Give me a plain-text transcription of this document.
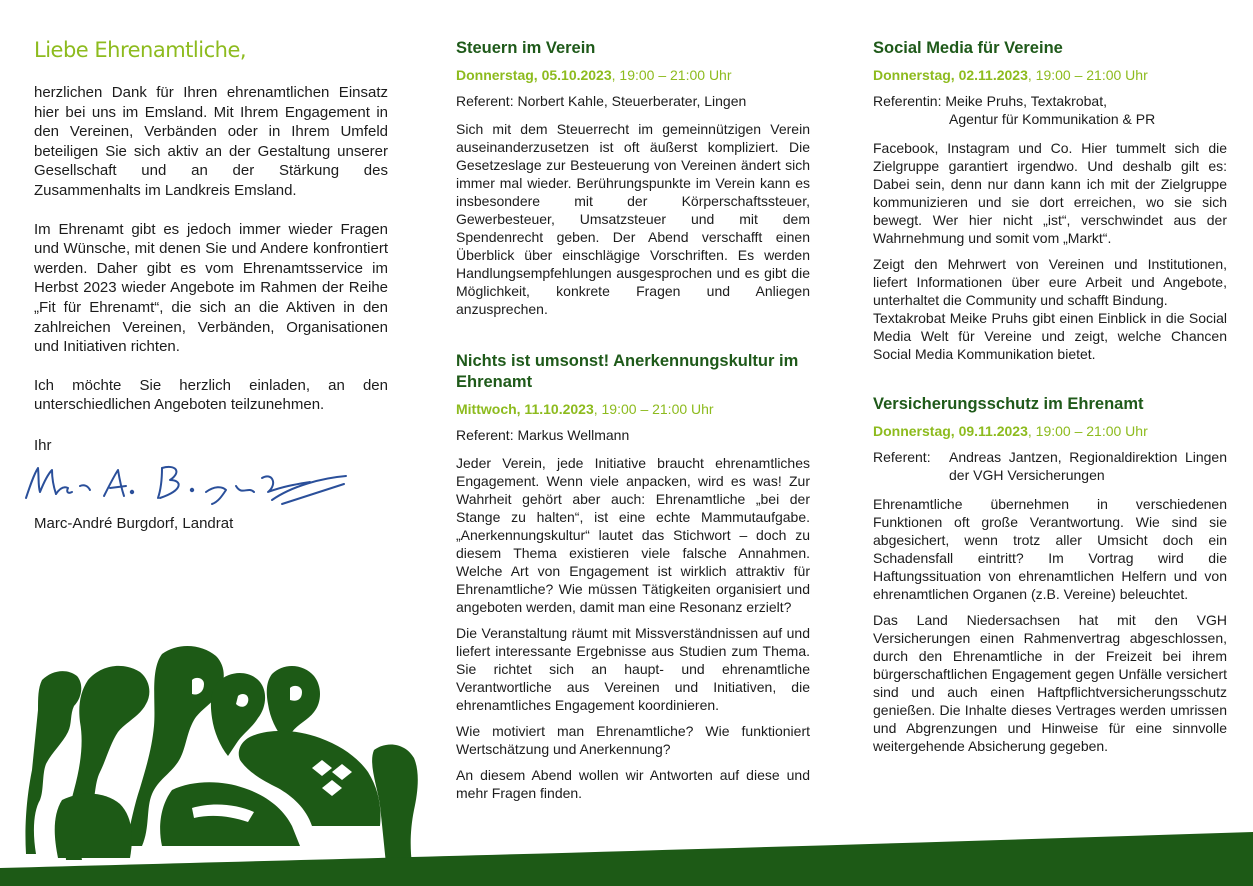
Liebe Ehrenamtliche,

herzlichen Dank für Ihren ehrenamtlichen Einsatz hier bei uns im Emsland. Mit Ihrem Engagement in den Vereinen, Verbänden oder in Ihrem Umfeld beteiligen Sie sich aktiv an der Gestaltung unserer Gesellschaft und an der Stärkung des Zusammenhalts im Landkreis Emsland.

Im Ehrenamt gibt es jedoch immer wieder Fragen und Wünsche, mit denen Sie und Andere konfrontiert werden. Daher gibt es vom Ehrenamtsservice im Herbst 2023 wieder Angebote im Rahmen der Reihe „Fit für Ehrenamt“, die sich an die Aktiven in den zahlreichen Vereinen, Verbänden, Organisationen und Initiativen richten.

Ich möchte Sie herzlich einladen, an den unterschiedlichen Angeboten teilzunehmen.

Ihr

Marc-André Burgdorf, Landrat

Steuern im Verein
Donnerstag, 05.10.2023, 19:00 – 21:00 Uhr
Referent: Norbert Kahle, Steuerberater, Lingen

Sich mit dem Steuerrecht im gemeinnützigen Verein auseinanderzusetzen ist oft äußerst kompliziert. Die Gesetzeslage zur Besteuerung von Vereinen ändert sich immer mal wieder. Berührungspunkte im Verein kann es insbesondere mit der Körperschaftssteuer, Gewerbesteuer, Umsatzsteuer und mit dem Spendenrecht geben. Der Abend verschafft einen Überblick über einschlägige Vorschriften. Es werden Handlungsempfehlungen ausgesprochen und es gibt die Möglichkeit, konkrete Fragen und Anliegen anzusprechen.

Nichts ist umsonst! Anerkennungskultur im Ehrenamt
Mittwoch, 11.10.2023, 19:00 – 21:00 Uhr
Referent: Markus Wellmann

Jeder Verein, jede Initiative braucht ehrenamtliches Engagement. Wenn viele anpacken, wird es was! Zur Wahrheit gehört aber auch: Ehrenamtliche „bei der Stange zu halten“, ist eine echte Mammutaufgabe. „Anerkennungskultur“ lautet das Stichwort – doch zu diesem Thema existieren viele falsche Annahmen. Welche Art von Engagement ist wirklich attraktiv für Ehrenamtliche? Wie müssen Tätigkeiten organisiert und angeboten werden, damit man eine Resonanz erzielt?

Die Veranstaltung räumt mit Missverständnissen auf und liefert interessante Ergebnisse aus Studien zum Thema. Sie richtet sich an haupt- und ehrenamtliche Verantwortliche aus Vereinen und Initiativen, die ehrenamtliches Engagement koordinieren.

Wie motiviert man Ehrenamtliche? Wie funktioniert Wertschätzung und Anerkennung?

An diesem Abend wollen wir Antworten auf diese und mehr Fragen finden.

Social Media für Vereine
Donnerstag, 02.11.2023, 19:00 – 21:00 Uhr
Referentin: Meike Pruhs, Textakrobat,
Agentur für Kommunikation & PR

Facebook, Instagram und Co. Hier tummelt sich die Zielgruppe garantiert irgendwo. Und deshalb gilt es: Dabei sein, denn nur dann kann ich mit der Zielgruppe kommunizieren und sie dort erreichen, wo sie sich bewegt. Wer hier nicht „ist“, verschwindet aus der Wahrnehmung und somit vom „Markt“.

Zeigt den Mehrwert von Vereinen und Institutionen, liefert Informationen über eure Arbeit und Angebote, unterhaltet die Community und schafft Bindung.

Textakrobat Meike Pruhs gibt einen Einblick in die Social Media Welt für Vereine und zeigt, welche Chancen Social Media Kommunikation bietet.

Versicherungsschutz im Ehrenamt
Donnerstag, 09.11.2023, 19:00 – 21:00 Uhr
Referent:	Andreas Jantzen, Regionaldirektion Lingen der VGH Versicherungen

Ehrenamtliche übernehmen in verschiedenen Funktionen oft große Verantwortung. Wie sind sie abgesichert, wenn trotz aller Umsicht doch ein Schadensfall eintritt? Im Vortrag wird die Haftungssituation von ehrenamtlichen Helfern und von ehrenamtlichen Organen (z.B. Vereine) beleuchtet.

Das Land Niedersachsen hat mit den VGH Versicherungen einen Rahmenvertrag abgeschlossen, durch den Ehrenamtliche in der Freizeit bei ihrem bürgerschaftlichen Engagement gegen Unfälle versichert sind und auch einen Haftpflichtversicherungsschutz genießen. Die Inhalte dieses Vertrages werden umrissen und Abgrenzungen und Hinweise für eine sinnvolle weitergehende Absicherung gegeben.
